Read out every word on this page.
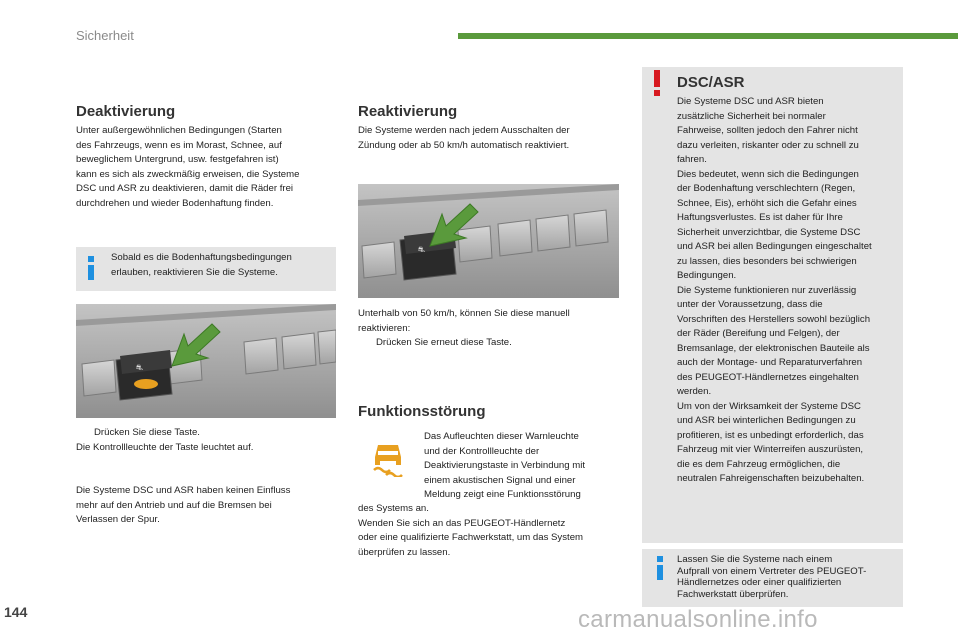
Sicherheit
Deaktivierung
Unter außergewöhnlichen Bedingungen (Starten
des Fahrzeugs, wenn es im Morast, Schnee, auf
beweglichem Untergrund, usw. festgefahren ist)
kann es sich als zweckmäßig erweisen, die Systeme
DSC und ASR zu deaktivieren, damit die Räder frei
durchdrehen und wieder Bodenhaftung finden.
Sobald es die Bodenhaftungsbedingungen
erlauben, reaktivieren Sie die Systeme.
⛐
Drücken Sie diese Taste.
Die Kontrollleuchte der Taste leuchtet auf.
Die Systeme DSC und ASR haben keinen Einfluss
mehr auf den Antrieb und auf die Bremsen bei
Verlassen der Spur.
Reaktivierung
Die Systeme werden nach jedem Ausschalten der
Zündung oder ab 50 km/h automatisch reaktiviert.
⛐
Unterhalb von 50 km/h, können Sie diese manuell
reaktivieren:
Drücken Sie erneut diese Taste.
Funktionsstörung
Das Aufleuchten dieser Warnleuchte
und der Kontrollleuchte der
Deaktivierungstaste in Verbindung mit
einem akustischen Signal und einer
Meldung zeigt eine Funktionsstörung
des Systems an.
Wenden Sie sich an das PEUGEOT-Händlernetz
oder eine qualifizierte Fachwerkstatt, um das System
überprüfen zu lassen.
DSC/ASR
Die Systeme DSC und ASR bieten
zusätzliche Sicherheit bei normaler
Fahrweise, sollten jedoch den Fahrer nicht
dazu verleiten, riskanter oder zu schnell zu
fahren.
Dies bedeutet, wenn sich die Bedingungen
der Bodenhaftung verschlechtern (Regen,
Schnee, Eis), erhöht sich die Gefahr eines
Haftungsverlustes. Es ist daher für Ihre
Sicherheit unverzichtbar, die Systeme DSC
und ASR bei allen Bedingungen eingeschaltet
zu lassen, dies besonders bei schwierigen
Bedingungen.
Die Systeme funktionieren nur zuverlässig
unter der Voraussetzung, dass die
Vorschriften des Herstellers sowohl bezüglich
der Räder (Bereifung und Felgen), der
Bremsanlage, der elektronischen Bauteile als
auch der Montage- und Reparaturverfahren
des PEUGEOT-Händlernetzes eingehalten
werden.
Um von der Wirksamkeit der Systeme DSC
und ASR bei winterlichen Bedingungen zu
profitieren, ist es unbedingt erforderlich, das
Fahrzeug mit vier Winterreifen auszurüsten,
die es dem Fahrzeug ermöglichen, die
neutralen Fahreigenschaften beizubehalten.
Lassen Sie die Systeme nach einem
Aufprall von einem Vertreter des PEUGEOT-
Händlernetzes oder einer qualifizierten
Fachwerkstatt überprüfen.
144	carmanualsonline.info
